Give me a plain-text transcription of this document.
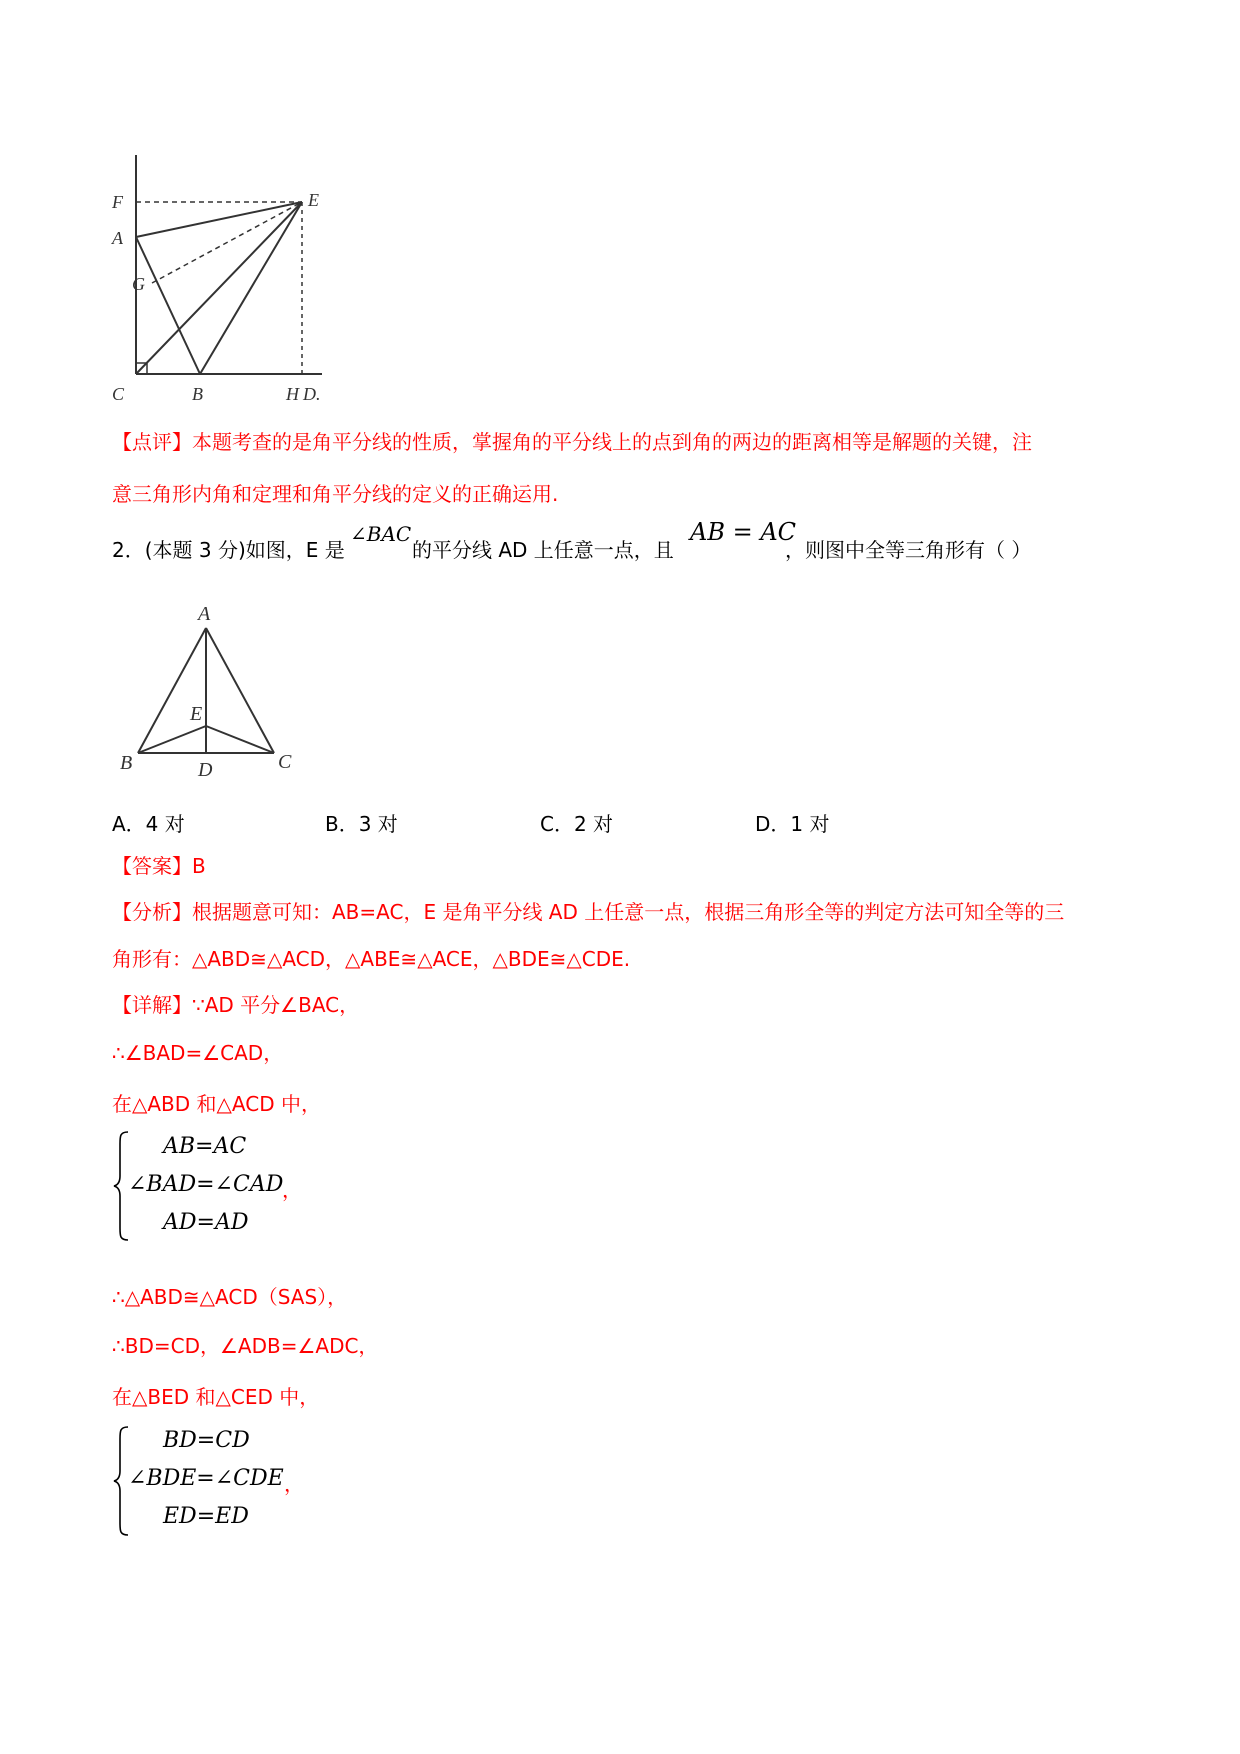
F	E
A
G
C	B	H D.
【点评】本题考查的是角平分线的性质，掌握角的平分线上的点到角的两边的距离相等是解题的关键，注
意三角形内角和定理和角平分线的定义的正确运用.
2．(本题 3 分)如图，E 是
∠BAC
的平分线 AD 上任意一点，且
AB = AC
，则图中全等三角形有（ ）
A
E
B	D	C
A．4 对	B．3 对	C．2 对	D．1 对
【答案】B
【分析】根据题意可知：AB=AC，E 是角平分线 AD 上任意一点，根据三角形全等的判定方法可知全等的三
角形有：△ABD≅△ACD，△ABE≅△ACE，△BDE≅△CDE.
【详解】∵AD 平分∠BAC，
∴∠BAD=∠CAD，
在△ABD 和△ACD 中，
AB=AC
∠BAD=∠CAD
，
AD=AD
∴△ABD≅△ACD（SAS），
∴BD=CD，∠ADB=∠ADC，
在△BED 和△CED 中，
BD=CD
∠BDE=∠CDE ，
ED=ED
